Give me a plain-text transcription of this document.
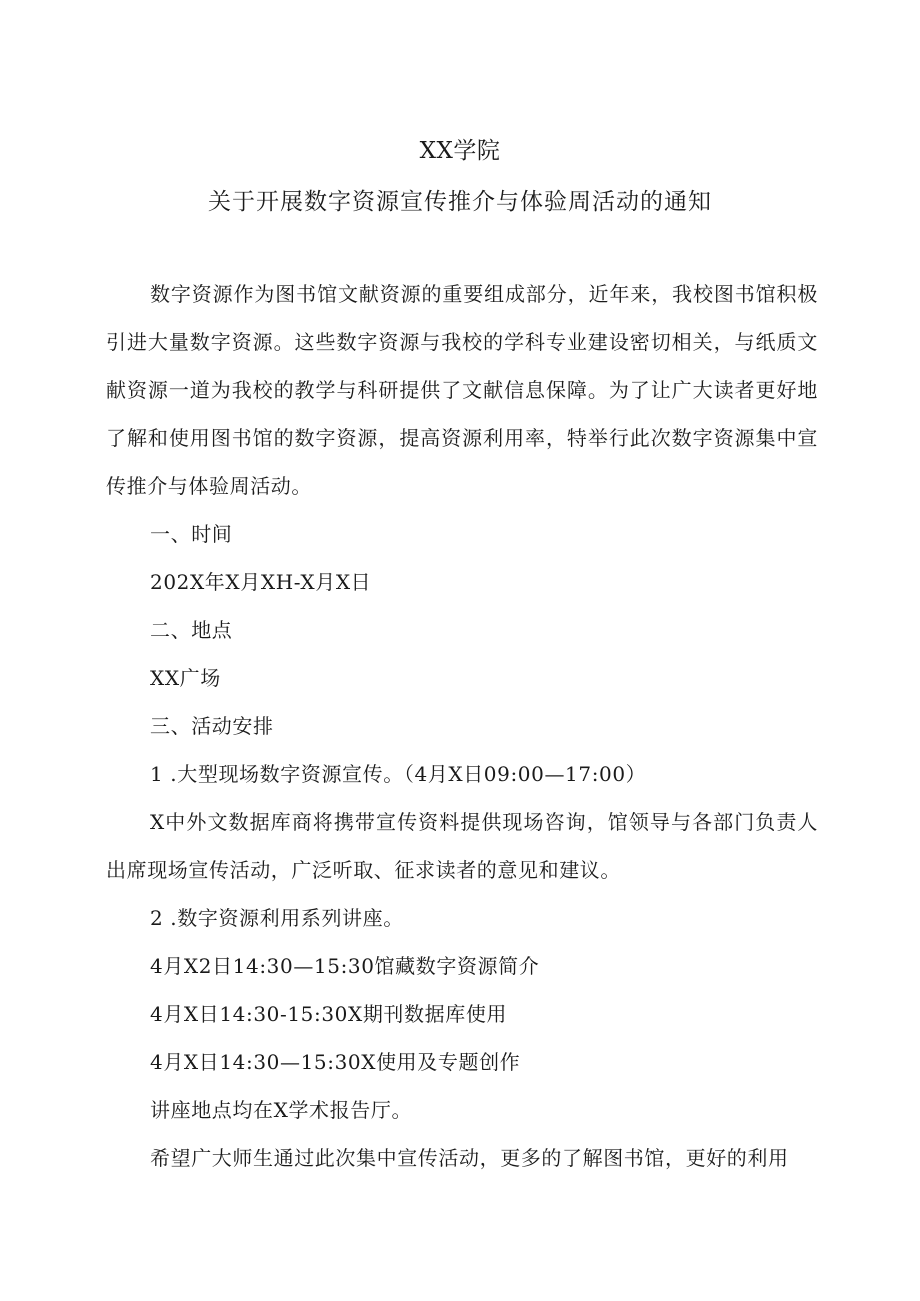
XX学院
关于开展数字资源宣传推介与体验周活动的通知

数字资源作为图书馆文献资源的重要组成部分，近年来，我校图书馆积极引进大量数字资源。这些数字资源与我校的学科专业建设密切相关，与纸质文献资源一道为我校的教学与科研提供了文献信息保障。为了让广大读者更好地了解和使用图书馆的数字资源，提高资源利用率，特举行此次数字资源集中宣传推介与体验周活动。

一、时间

202X年X月XH-X月X日

二、地点

XX广场

三、活动安排

1 .大型现场数字资源宣传。（4月X日09:00—17:00）

X中外文数据库商将携带宣传资料提供现场咨询，馆领导与各部门负责人出席现场宣传活动，广泛听取、征求读者的意见和建议。

2 .数字资源利用系列讲座。

4月X2日14:30—15:30馆藏数字资源简介

4月X日14:30-15:30X期刊数据库使用

4月X日14:30—15:30X使用及专题创作

讲座地点均在X学术报告厅。

希望广大师生通过此次集中宣传活动，更多的了解图书馆，更好的利用
